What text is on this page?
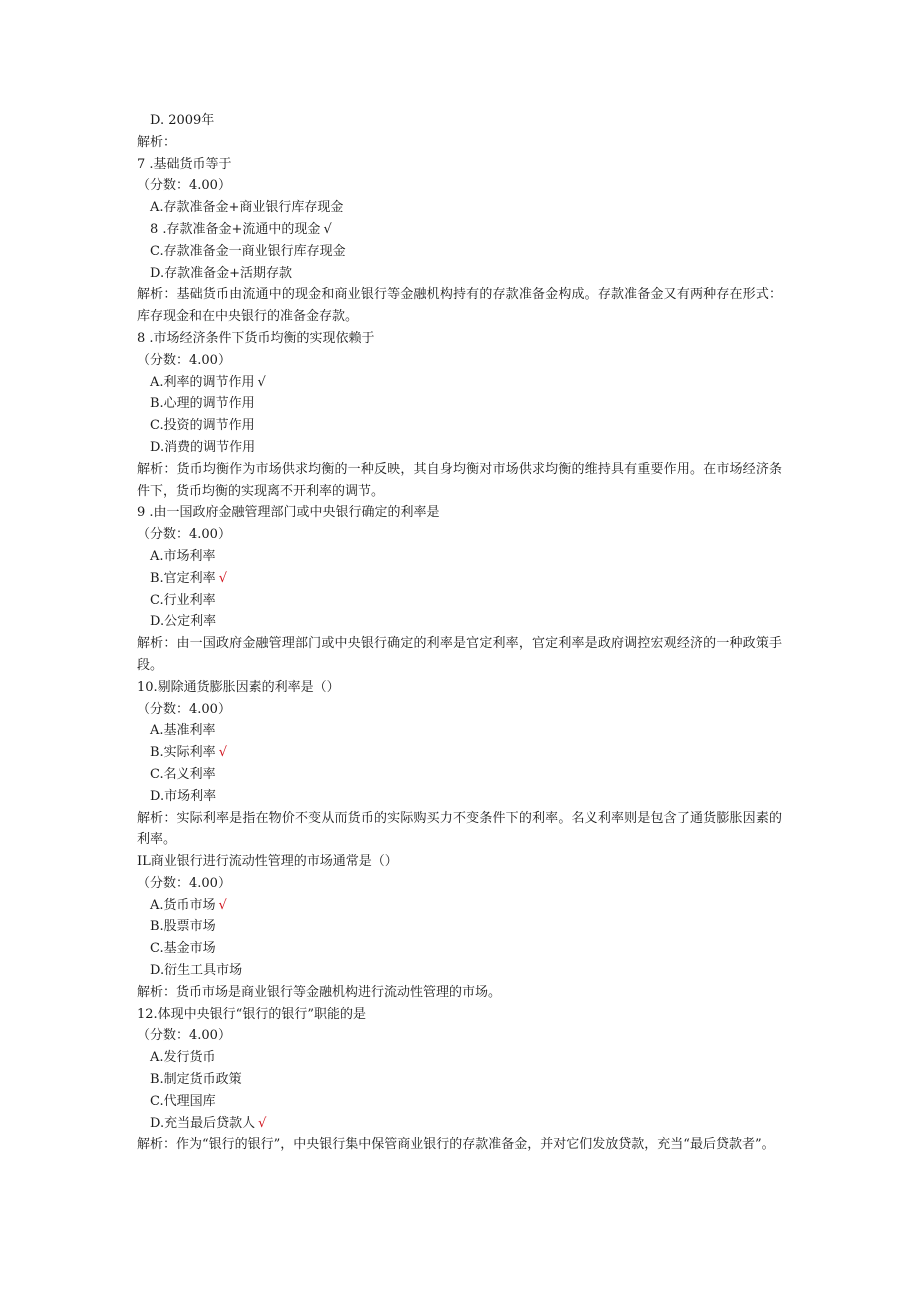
D. 2009年
解析：
7 .基础货币等于
（分数：4.00）
A.存款准备金+商业银行库存现金
8 .存款准备金+流通中的现金 √
C.存款准备金一商业银行库存现金
D.存款准备金+活期存款
解析：基础货币由流通中的现金和商业银行等金融机构持有的存款准备金构成。存款准备金又有两种存在形式：库存现金和在中央银行的准备金存款。
8 .市场经济条件下货币均衡的实现依赖于
（分数：4.00）
A.利率的调节作用 √
B.心理的调节作用
C.投资的调节作用
D.消费的调节作用
解析：货币均衡作为市场供求均衡的一种反映，其自身均衡对市场供求均衡的维持具有重要作用。在市场经济条件下，货币均衡的实现离不开利率的调节。
9 .由一国政府金融管理部门或中央银行确定的利率是
（分数：4.00）
A.市场利率
B.官定利率 √
C.行业利率
D.公定利率
解析：由一国政府金融管理部门或中央银行确定的利率是官定利率，官定利率是政府调控宏观经济的一种政策手段。
10.剔除通货膨胀因素的利率是（）
（分数：4.00）
A.基准利率
B.实际利率 √
C.名义利率
D.市场利率
解析：实际利率是指在物价不变从而货币的实际购买力不变条件下的利率。名义利率则是包含了通货膨胀因素的利率。
IL商业银行进行流动性管理的市场通常是（）
（分数：4.00）
A.货币市场 √
B.股票市场
C.基金市场
D.衍生工具市场
解析：货币市场是商业银行等金融机构进行流动性管理的市场。
12.体现中央银行“银行的银行”职能的是
（分数：4.00）
A.发行货币
B.制定货币政策
C.代理国库
D.充当最后贷款人 √
解析：作为“银行的银行”，中央银行集中保管商业银行的存款准备金，并对它们发放贷款，充当“最后贷款者”。
